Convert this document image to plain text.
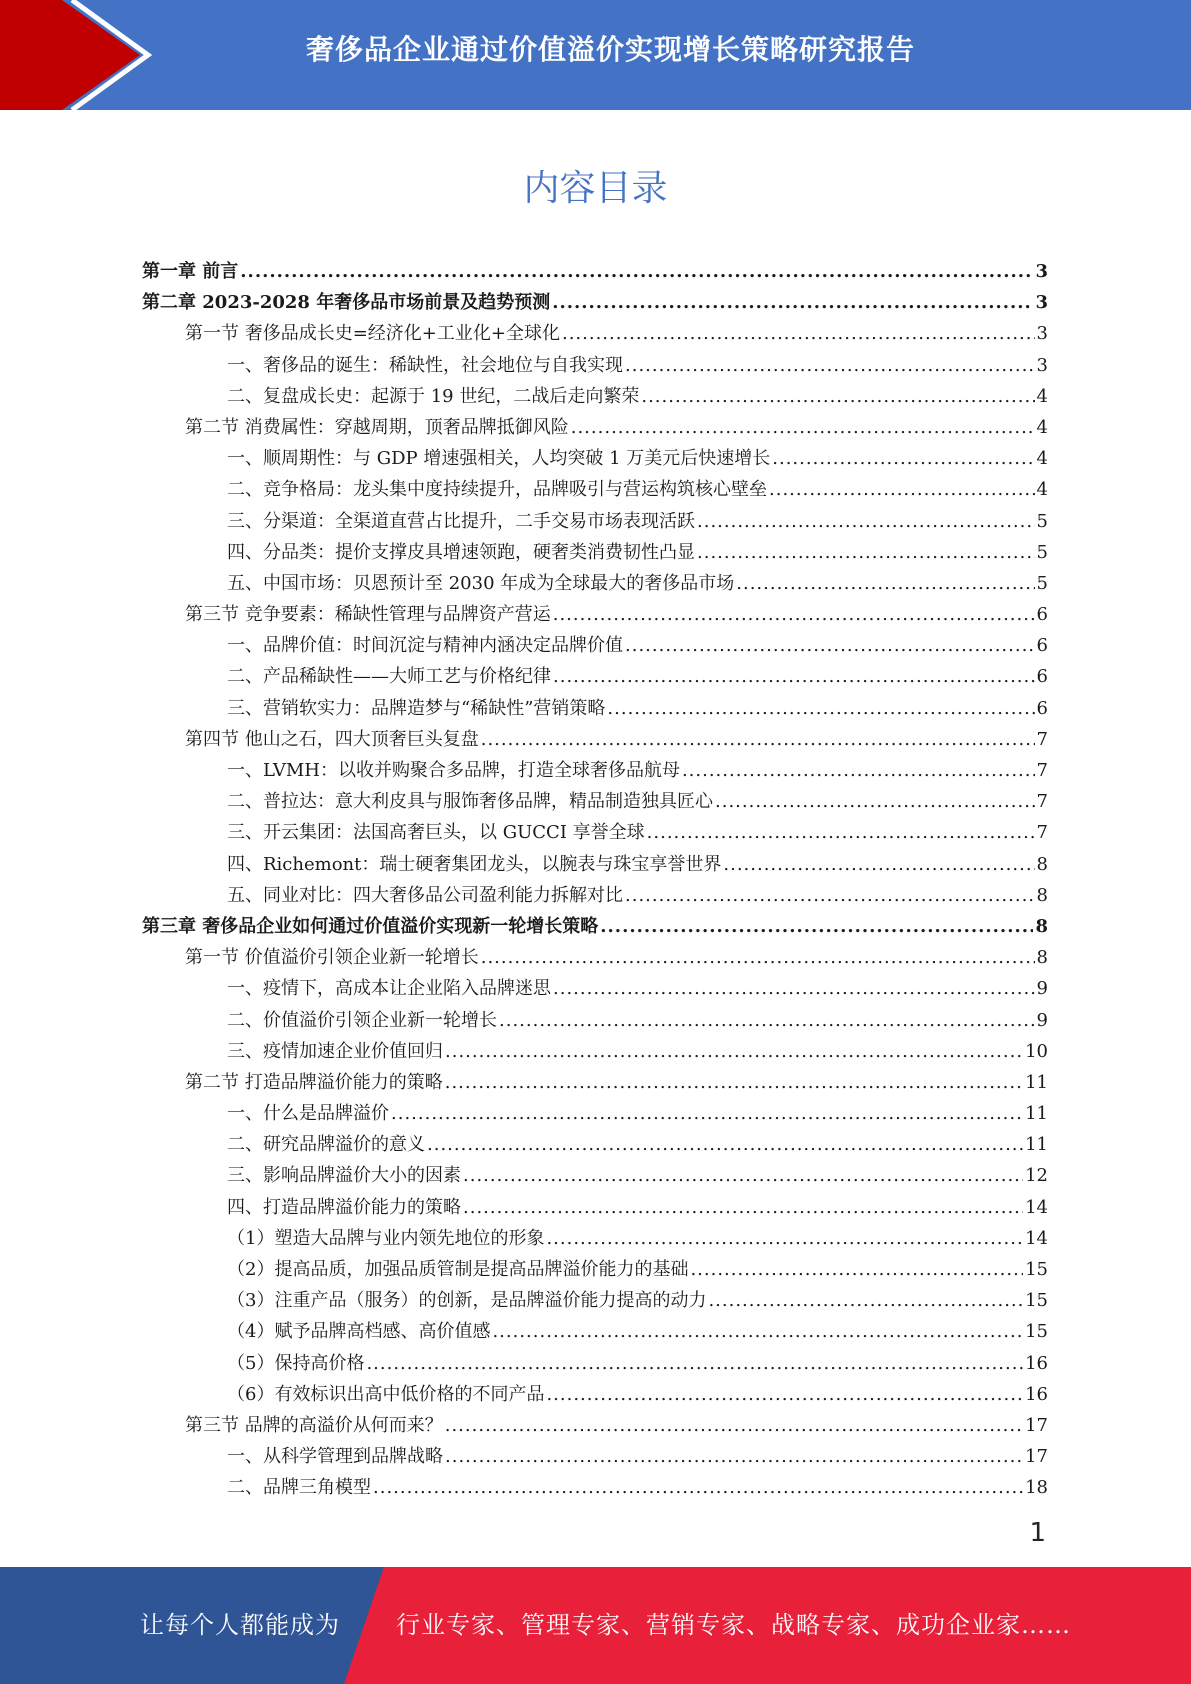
奢侈品企业通过价值溢价实现增长策略研究报告
内容目录
第一章 前言 .....	3
第二章 2023-2028 年奢侈品市场前景及趋势预测 .....	3
第一节 奢侈品成长史=经济化+工业化+全球化 .....	3
一、奢侈品的诞生：稀缺性，社会地位与自我实现 .....	3
二、复盘成长史：起源于 19 世纪，二战后走向繁荣 .....	4
第二节 消费属性：穿越周期，顶奢品牌抵御风险 .....	4
一、顺周期性：与 GDP 增速强相关，人均突破 1 万美元后快速增长 .....	4
二、竞争格局：龙头集中度持续提升，品牌吸引与营运构筑核心壁垒 .....	4
三、分渠道：全渠道直营占比提升，二手交易市场表现活跃 .....	5
四、分品类：提价支撑皮具增速领跑，硬奢类消费韧性凸显 .....	5
五、中国市场：贝恩预计至 2030 年成为全球最大的奢侈品市场 .....	5
第三节 竞争要素：稀缺性管理与品牌资产营运 .....	6
一、品牌价值：时间沉淀与精神内涵决定品牌价值 .....	6
二、产品稀缺性——大师工艺与价格纪律 .....	6
三、营销软实力：品牌造梦与“稀缺性”营销策略 .....	6
第四节 他山之石，四大顶奢巨头复盘 .....	7
一、LVMH：以收并购聚合多品牌，打造全球奢侈品航母 .....	7
二、普拉达：意大利皮具与服饰奢侈品牌，精品制造独具匠心 .....	7
三、开云集团：法国高奢巨头，以 GUCCI 享誉全球 .....	7
四、Richemont：瑞士硬奢集团龙头，以腕表与珠宝享誉世界 .....	8
五、同业对比：四大奢侈品公司盈利能力拆解对比 .....	8
第三章 奢侈品企业如何通过价值溢价实现新一轮增长策略 .....	8
第一节 价值溢价引领企业新一轮增长 .....	8
一、疫情下，高成本让企业陷入品牌迷思 .....	9
二、价值溢价引领企业新一轮增长 .....	9
三、疫情加速企业价值回归 .....	10
第二节 打造品牌溢价能力的策略 .....	11
一、什么是品牌溢价 .....	11
二、研究品牌溢价的意义 .....	11
三、影响品牌溢价大小的因素 .....	12
四、打造品牌溢价能力的策略 .....	14
（1）塑造大品牌与业内领先地位的形象 .....	14
（2）提高品质，加强品质管制是提高品牌溢价能力的基础 .....	15
（3）注重产品（服务）的创新，是品牌溢价能力提高的动力 .....	15
（4）赋予品牌高档感、高价值感 .....	15
（5）保持高价格 .....	16
（6）有效标识出高中低价格的不同产品 .....	16
第三节 品牌的高溢价从何而来？ .....	17
一、从科学管理到品牌战略 .....	17
二、品牌三角模型 .....	18
1
让每个人都能成为 行业专家、管理专家、营销专家、战略专家、成功企业家……
